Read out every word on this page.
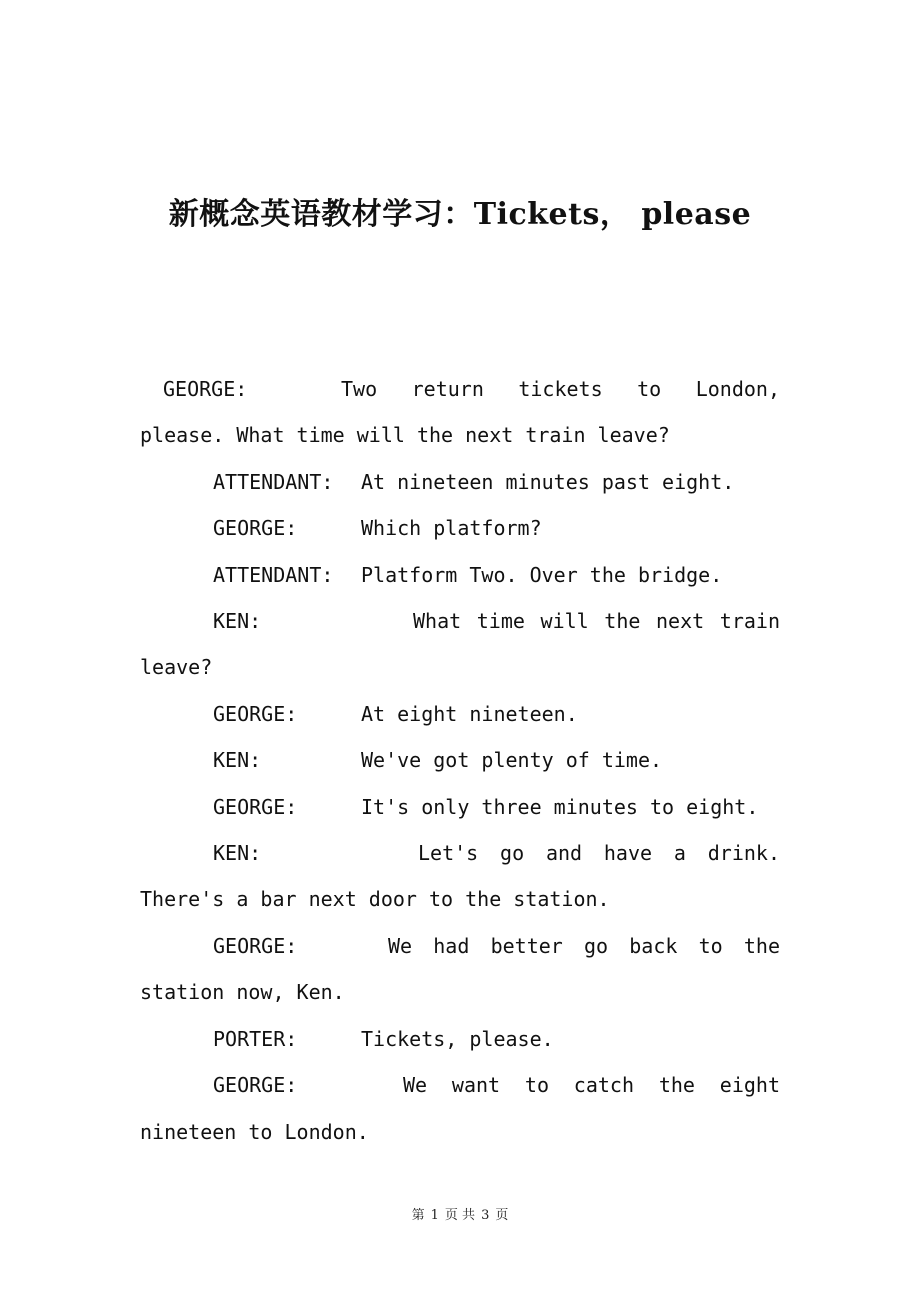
新概念英语教材学习：Tickets， please

GEORGE:	Two return tickets to London, please. What time will the next train leave?

ATTENDANT: At nineteen minutes past eight.

GEORGE:	Which platform?

ATTENDANT: Platform Two. Over the bridge.

KEN:	What time will the next train leave?

GEORGE:	At eight nineteen.

KEN:	We've got plenty of time.

GEORGE:	It's only three minutes to eight.

KEN:	Let's go and have a drink. There's a bar next door to the station.

GEORGE:	We had better go back to the station now, Ken.

PORTER:	Tickets, please.

GEORGE:	We want to catch the eight nineteen to London.

第 1 页 共 3 页
